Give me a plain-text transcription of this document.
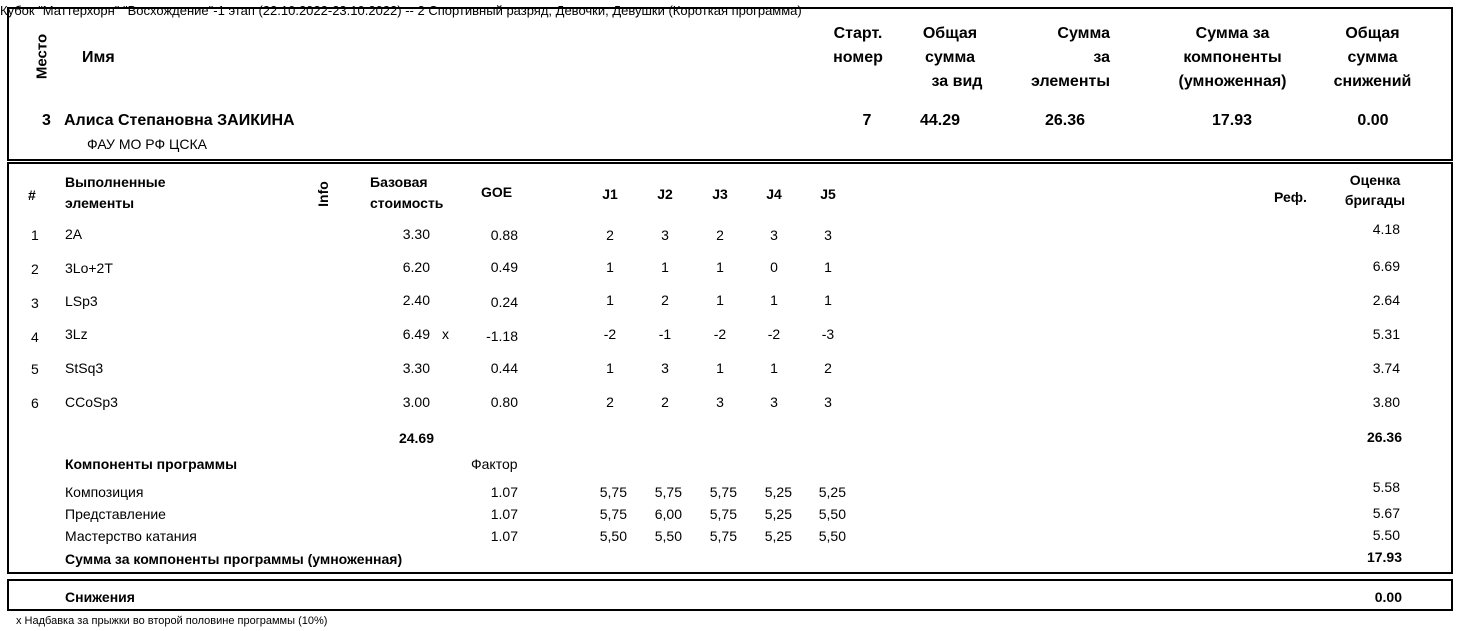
Кубок "Маттерхорн" "Восхождение"-1 этап (22.10.2022-23.10.2022) -- 2 Спортивный разряд, Девочки, Девушки (Короткая программа)
Место Имя
Старт.
номер
Общая
сумма
за вид
Сумма
за
элементы
Сумма за
компоненты
(умноженная)
Общая
сумма
снижений
3 Алиса Степановна ЗАИКИНА
ФАУ МО РФ ЦСКА
7	44.29	26.36	17.93	0.00
#
Выполненные
элементы	Info	Базовая
стоимость
GOE	J1	J2	J3	J4	J5	Реф.
Оценка
бригады
1 2A	3.30	0.88	2	3	2	3	3	4.18
2 3Lo+2T	6.20	0.49	1	1	1	0	1	6.69
3 LSp3	2.40	0.24	1	2	1	1	1	2.64
4 3Lz	6.49 x	-1.18	-2	-1	-2	-2	-3	5.31
5 StSq3	3.30	0.44	1	3	1	1	2	3.74
6 CCoSp3	3.00	0.80	2	2	3	3	3	3.80
24.69	26.36
Компоненты программы	Фактор
Композиция	1.07	5,75	5,75	5,75	5,25	5,25	5.58
Представление	1.07	5,75	6,00	5,75	5,25	5,50	5.67
Мастерство катания	1.07	5,50	5,50	5,75	5,25	5,50	5.50
Сумма за компоненты программы (умноженная)	17.93
Снижения	0.00
x Надбавка за прыжки во второй половине программы (10%)
